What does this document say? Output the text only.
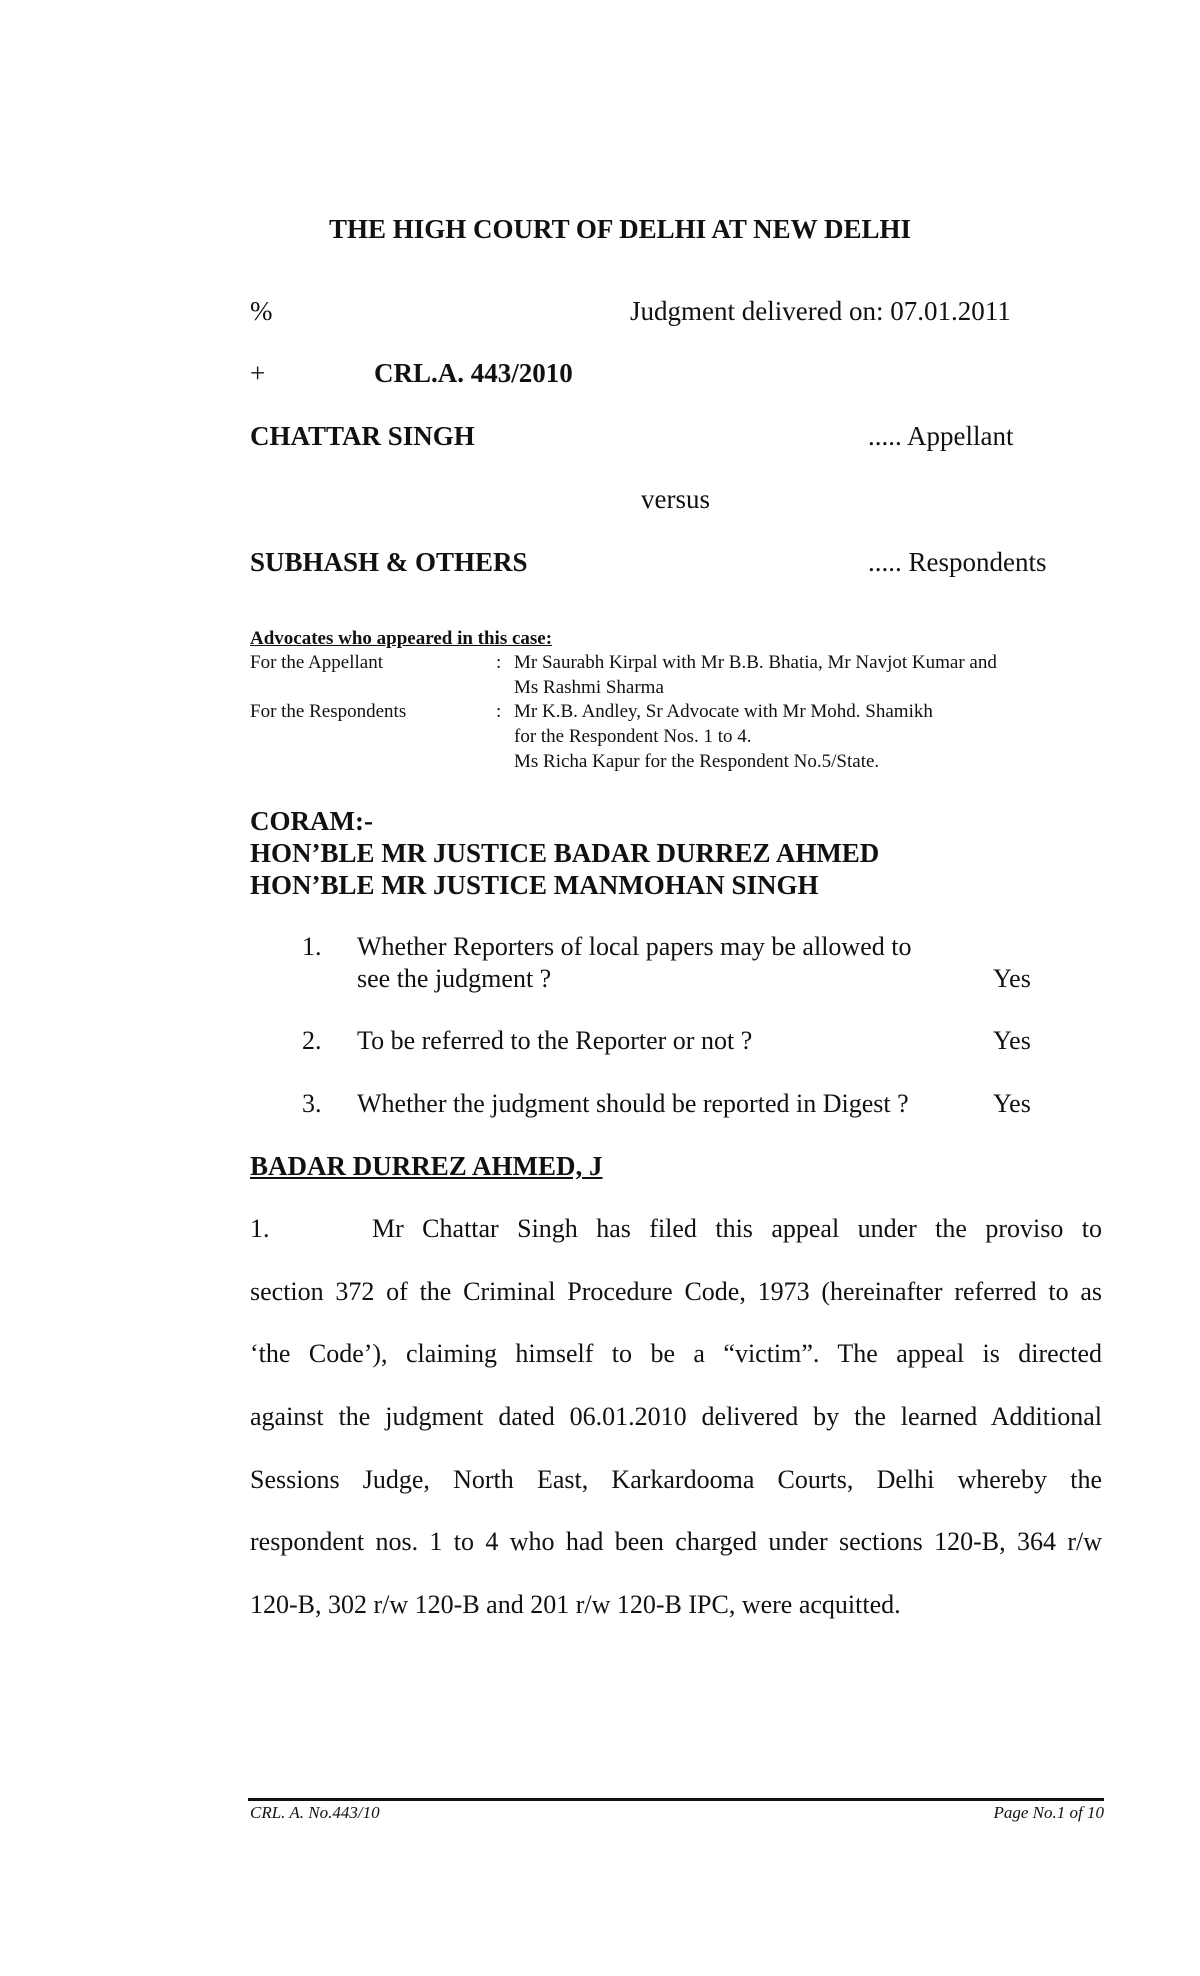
THE HIGH COURT OF DELHI AT NEW DELHI
%	Judgment delivered on: 07.01.2011
+	CRL.A. 443/2010
CHATTAR SINGH	..... Appellant
versus
SUBHASH & OTHERS	..... Respondents
Advocates who appeared in this case:
For the Appellant	: Mr Saurabh Kirpal with Mr B.B. Bhatia, Mr Navjot Kumar and
Ms Rashmi Sharma
For the Respondents	: Mr K.B. Andley, Sr Advocate with Mr Mohd. Shamikh
for the Respondent Nos. 1 to 4.
Ms Richa Kapur for the Respondent No.5/State.
CORAM:-
HON’BLE MR JUSTICE BADAR DURREZ AHMED
HON’BLE MR JUSTICE MANMOHAN SINGH
1. Whether Reporters of local papers may be allowed to
see the judgment ?	Yes
2. To be referred to the Reporter or not ?	Yes
3. Whether the judgment should be reported in Digest ?	Yes
BADAR DURREZ AHMED, J
1.	Mr Chattar Singh has filed this appeal under the proviso to
section 372 of the Criminal Procedure Code, 1973 (hereinafter referred to as
‘the Code’), claiming himself to be a “victim”. The appeal is directed
against the judgment dated 06.01.2010 delivered by the learned Additional
Sessions Judge, North East, Karkardooma Courts, Delhi whereby the
respondent nos. 1 to 4 who had been charged under sections 120-B, 364 r/w
120-B, 302 r/w 120-B and 201 r/w 120-B IPC, were acquitted.
CRL. A. No.443/10	Page No.1 of 10
